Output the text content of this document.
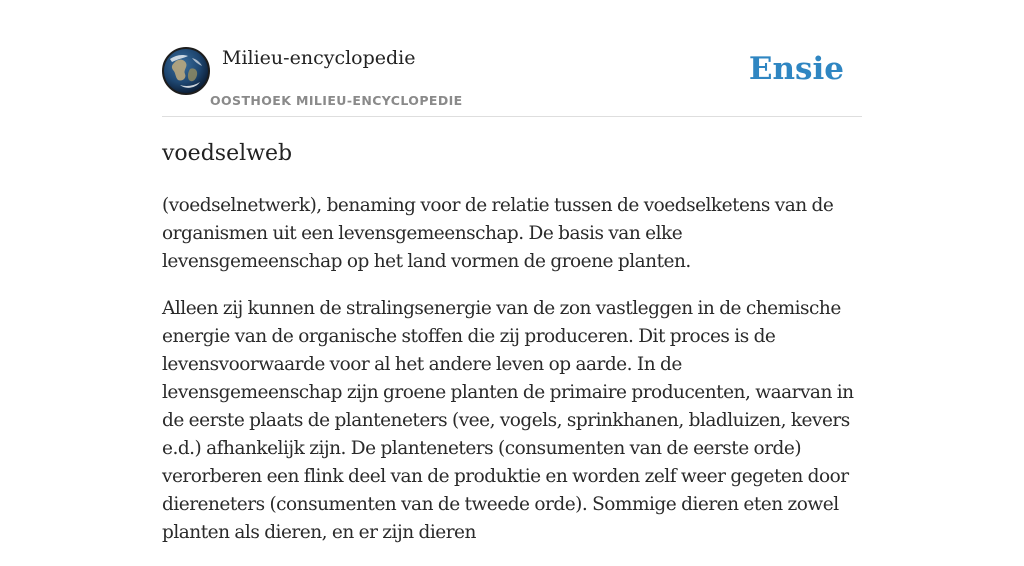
Milieu-encyclopedie
OOSTHOEK MILIEU-ENCYCLOPEDIE
Ensie
voedselweb

(voedselnetwerk), benaming voor de relatie tussen de voedselketens van de organismen uit een levensgemeenschap. De basis van elke levensgemeenschap op het land vormen de groene planten.

Alleen zij kunnen de stralingsenergie van de zon vastleggen in de chemische energie van de organische stoffen die zij produceren. Dit proces is de levensvoorwaarde voor al het andere leven op aarde. In de levensgemeenschap zijn groene planten de primaire producenten, waarvan in de eerste plaats de planteneters (vee, vogels, sprinkhanen, bladluizen, kevers e.d.) afhankelijk zijn. De planteneters (consumenten van de eerste orde) verorberen een flink deel van de produktie en worden zelf weer gegeten door diereneters (consumenten van de tweede orde). Sommige dieren eten zowel planten als dieren, en er zijn dieren
